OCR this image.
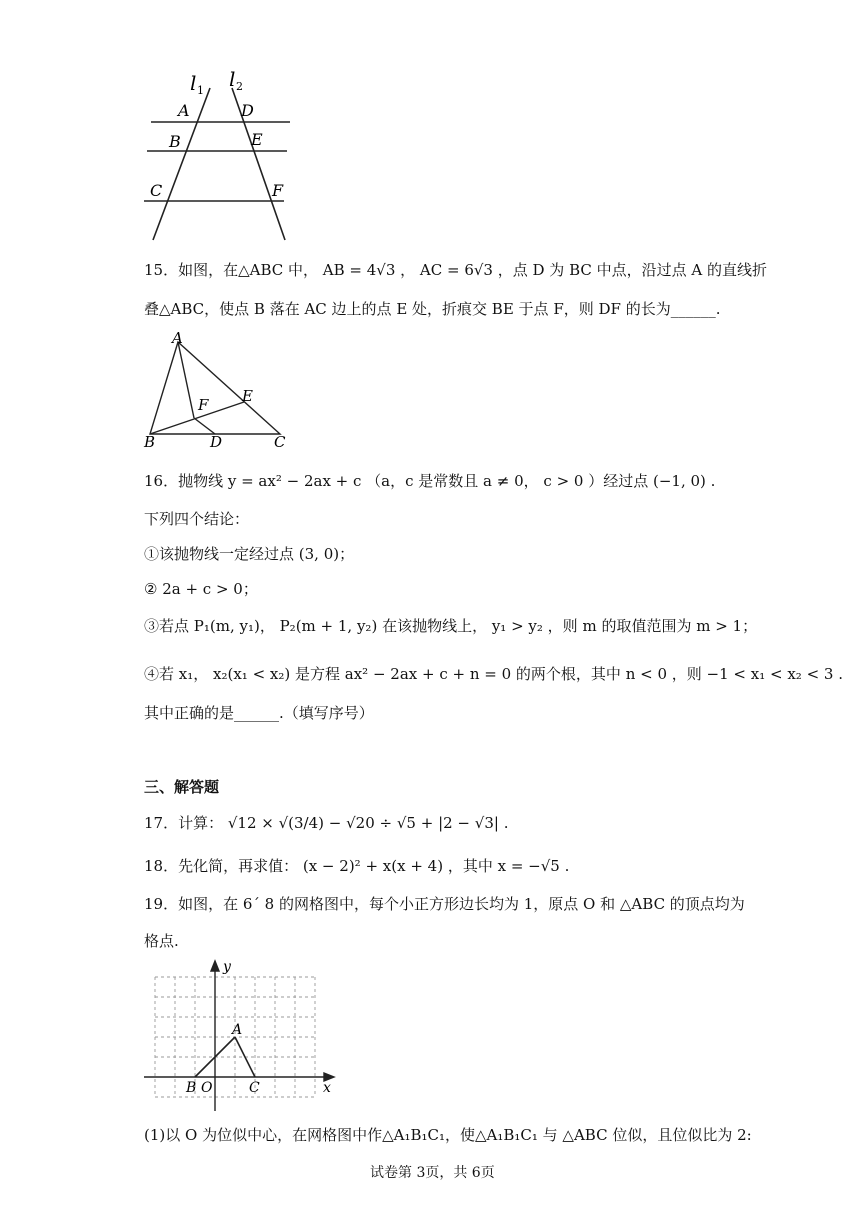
l 1 l 2
A	D
B	E
C	F
15．如图，在△ABC 中， AB = 4√3 ， AC = 6√3 ，点 D 为 BC 中点，沿过点 A 的直线折
叠△ABC，使点 B 落在 AC 边上的点 E 处，折痕交 BE 于点 F，则 DF 的长为______.
A
E
F
B	D	C
16．抛物线 y = ax² − 2ax + c （a，c 是常数且 a ≠ 0， c > 0 ）经过点 (−1, 0) .
下列四个结论：
①该抛物线一定经过点 (3, 0)；
② 2a + c > 0；
③若点 P₁(m, y₁)， P₂(m + 1, y₂) 在该抛物线上， y₁ > y₂ ，则 m 的取值范围为 m > 1；
④若 x₁， x₂(x₁ < x₂) 是方程 ax² − 2ax + c + n = 0 的两个根，其中 n < 0 ，则 −1 < x₁ < x₂ < 3 .
其中正确的是______.（填写序号）
三、解答题
17．计算： √12 × √(3/4) − √20 ÷ √5 + |2 − √3| .
18．先化简，再求值： (x − 2)² + x(x + 4) ，其中 x = −√5 .
19．如图，在 6´ 8 的网格图中，每个小正方形边长均为 1，原点 O 和 △ABC 的顶点均为
格点.
y
x
A
B O	C
(1)以 O 为位似中心，在网格图中作△A₁B₁C₁，使△A₁B₁C₁ 与 △ABC 位似，且位似比为 2:
试卷第 3页，共 6页
